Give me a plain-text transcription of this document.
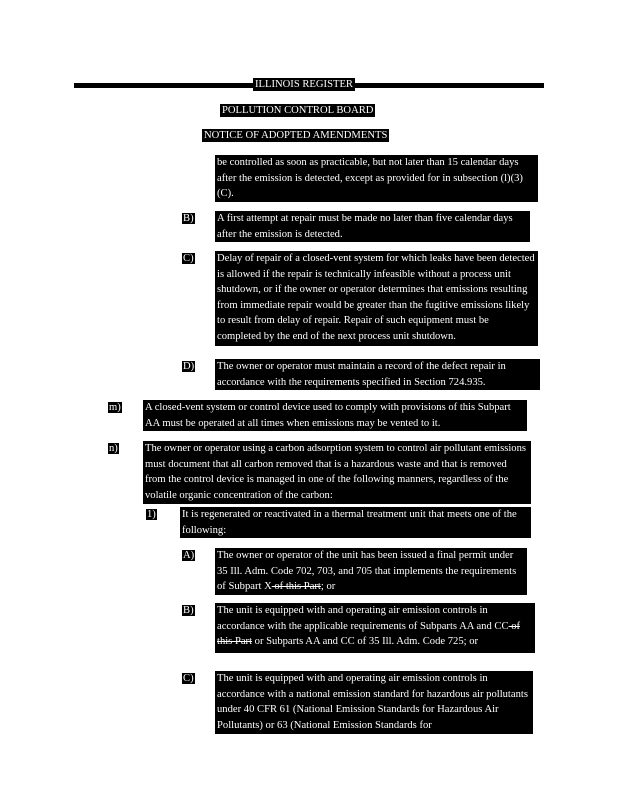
ILLINOIS REGISTER
POLLUTION CONTROL BOARD
NOTICE OF ADOPTED AMENDMENTS

be controlled as soon as practicable, but not later than 15 calendar days after the emission is detected, except as provided for in subsection (l)(3)(C).

B) A first attempt at repair must be made no later than five calendar days after the emission is detected.

C) Delay of repair of a closed-vent system for which leaks have been detected is allowed if the repair is technically infeasible without a process unit shutdown, or if the owner or operator determines that emissions resulting from immediate repair would be greater than the fugitive emissions likely to result from delay of repair. Repair of such equipment must be completed by the end of the next process unit shutdown.

D) The owner or operator must maintain a record of the defect repair in accordance with the requirements specified in Section 724.935.

m) A closed-vent system or control device used to comply with provisions of this Subpart AA must be operated at all times when emissions may be vented to it.

n)	The owner or operator using a carbon adsorption system to control air pollutant emissions must document that all carbon removed that is a hazardous waste and that is removed from the control device is managed in one of the following manners, regardless of the volatile organic concentration of the carbon:

1) It is regenerated or reactivated in a thermal treatment unit that meets one of the following:

A) The owner or operator of the unit has been issued a final permit under 35 Ill. Adm. Code 702, 703, and 705 that implements the requirements of Subpart X of this Part; or

B) The unit is equipped with and operating air emission controls in accordance with the applicable requirements of Subparts AA and CC of this Part or Subparts AA and CC of 35 Ill. Adm. Code 725; or

C) The unit is equipped with and operating air emission controls in accordance with a national emission standard for hazardous air pollutants under 40 CFR 61 (National Emission Standards for Hazardous Air Pollutants) or 63 (National Emission Standards for
